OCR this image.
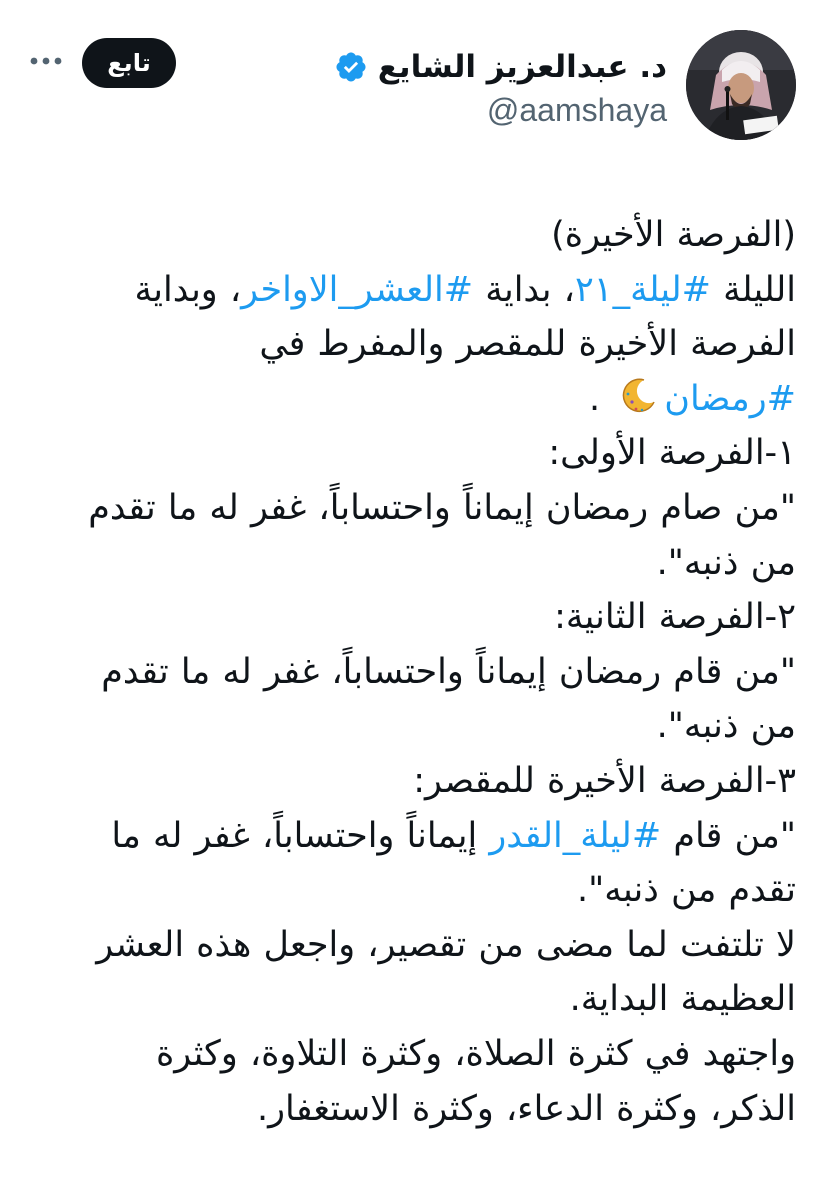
د. عبدالعزيز الشايع
@aamshaya
تابع
(الفرصة الأخيرة)
الليلة #ليلة_٢١، بداية #العشر_الاواخر، وبداية
الفرصة الأخيرة للمقصر والمفرط في
#رمضان .
١-الفرصة الأولى:
"من صام رمضان إيماناً واحتساباً، غفر له ما تقدم
من ذنبه".
٢-الفرصة الثانية:
"من قام رمضان إيماناً واحتساباً، غفر له ما تقدم
من ذنبه".
٣-الفرصة الأخيرة للمقصر:
"من قام #ليلة_القدر إيماناً واحتساباً، غفر له ما
تقدم من ذنبه".
لا تلتفت لما مضى من تقصير، واجعل هذه العشر
العظيمة البداية.
واجتهد في كثرة الصلاة، وكثرة التلاوة، وكثرة
الذكر، وكثرة الدعاء، وكثرة الاستغفار.
